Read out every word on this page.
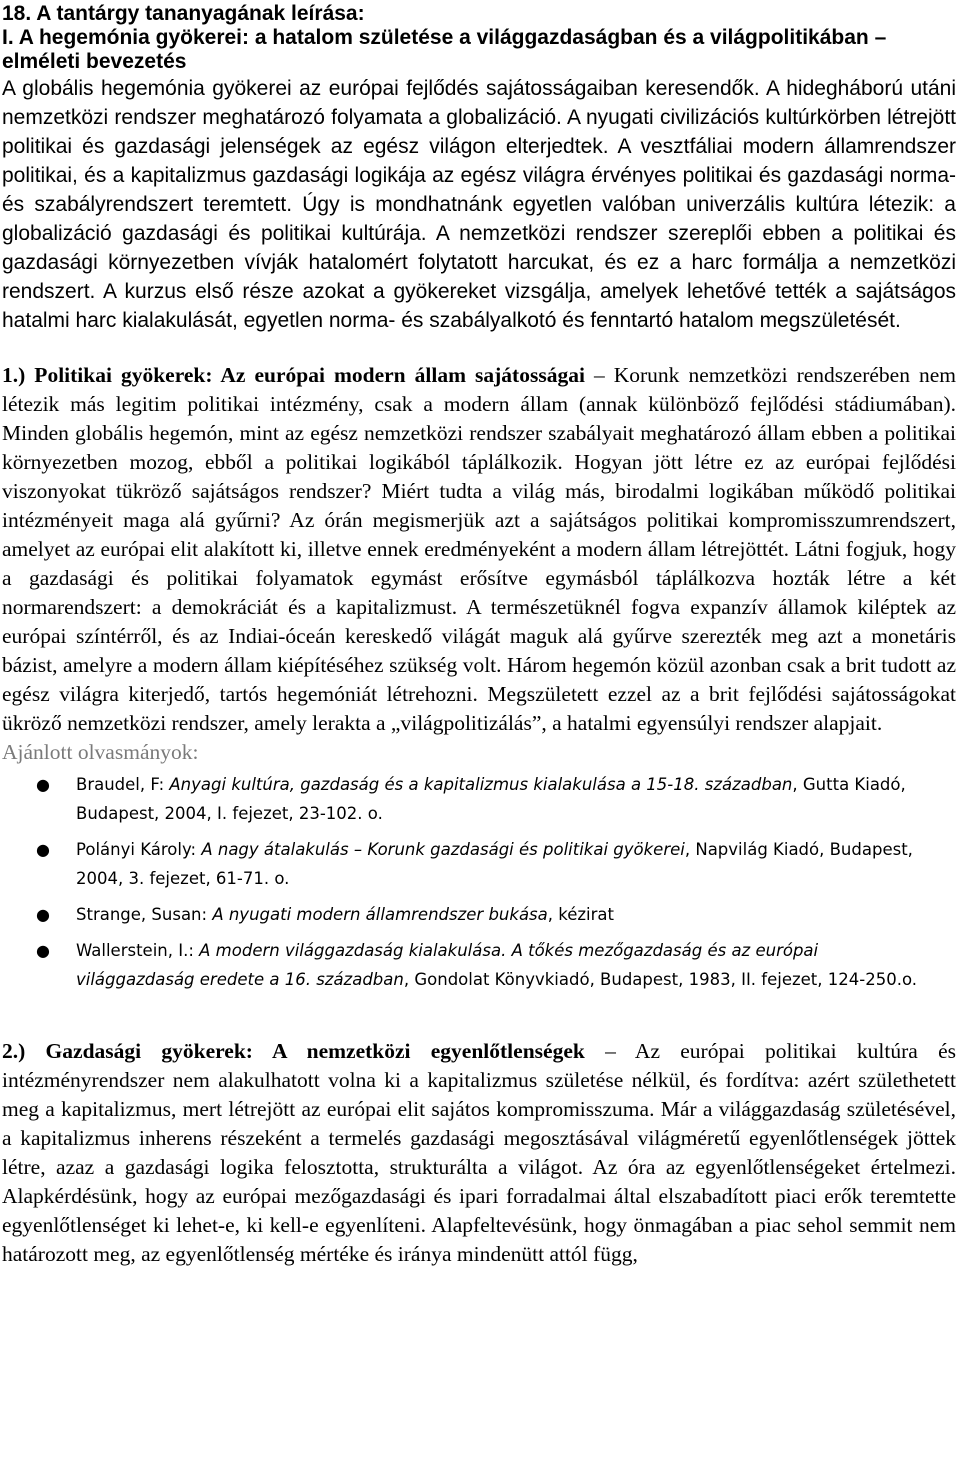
18. A tantárgy tananyagának leírása:
I. A hegemónia gyökerei: a hatalom születése a világgazdaságban és a világpolitikában – elméleti bevezetés
A globális hegemónia gyökerei az európai fejlődés sajátosságaiban keresendők. A hidegháború utáni nemzetközi rendszer meghatározó folyamata a globalizáció. A nyugati civilizációs kultúrkörben létrejött politikai és gazdasági jelenségek az egész világon elterjedtek. A vesztfáliai modern államrendszer politikai, és a kapitalizmus gazdasági logikája az egész világra érvényes politikai és gazdasági norma- és szabályrendszert teremtett. Úgy is mondhatnánk egyetlen valóban univerzális kultúra létezik: a globalizáció gazdasági és politikai kultúrája. A nemzetközi rendszer szereplői ebben a politikai és gazdasági környezetben vívják hatalomért folytatott harcukat, és ez a harc formálja a nemzetközi rendszert. A kurzus első része azokat a gyökereket vizsgálja, amelyek lehetővé tették a sajátságos hatalmi harc kialakulását, egyetlen norma- és szabályalkotó és fenntartó hatalom megszületését.
1.) Politikai gyökerek: Az európai modern állam sajátosságai – Korunk nemzetközi rendszerében nem létezik más legitim politikai intézmény, csak a modern állam (annak különböző fejlődési stádiumában). Minden globális hegemón, mint az egész nemzetközi rendszer szabályait meghatározó állam ebben a politikai környezetben mozog, ebből a politikai logikából táplálkozik. Hogyan jött létre ez az európai fejlődési viszonyokat tükröző sajátságos rendszer? Miért tudta a világ más, birodalmi logikában működő politikai intézményeit maga alá gyűrni? Az órán megismerjük azt a sajátságos politikai kompromisszumrendszert, amelyet az európai elit alakított ki, illetve ennek eredményeként a modern állam létrejöttét. Látni fogjuk, hogy a gazdasági és politikai folyamatok egymást erősítve egymásból táplálkozva hozták létre a két normarendszert: a demokráciát és a kapitalizmust. A természetüknél fogva expanzív államok kiléptek az európai színtérről, és az Indiai-óceán kereskedő világát maguk alá gyűrve szerezték meg azt a monetáris bázist, amelyre a modern állam kiépítéséhez szükség volt. Három hegemón közül azonban csak a brit tudott az egész világra kiterjedő, tartós hegemóniát létrehozni. Megszületett ezzel az a brit fejlődési sajátosságokat ükröző nemzetközi rendszer, amely lerakta a „világpolitizálás”, a hatalmi egyensúlyi rendszer alapjait.
Ajánlott olvasmányok:
● Braudel, F: Anyagi kultúra, gazdaság és a kapitalizmus kialakulása a 15-18. században, Gutta Kiadó, Budapest, 2004, I. fejezet, 23-102. o.
● Polányi Károly: A nagy átalakulás – Korunk gazdasági és politikai gyökerei, Napvilág Kiadó, Budapest, 2004, 3. fejezet, 61-71. o.
● Strange, Susan: A nyugati modern államrendszer bukása, kézirat
● Wallerstein, I.: A modern világgazdaság kialakulása. A tőkés mezőgazdaság és az európai világgazdaság eredete a 16. században, Gondolat Könyvkiadó, Budapest, 1983, II. fejezet, 124-250.o.
2.) Gazdasági gyökerek: A nemzetközi egyenlőtlenségek – Az európai politikai kultúra és intézményrendszer nem alakulhatott volna ki a kapitalizmus születése nélkül, és fordítva: azért születhetett meg a kapitalizmus, mert létrejött az európai elit sajátos kompromisszuma. Már a világgazdaság születésével, a kapitalizmus inherens részeként a termelés gazdasági megosztásával világméretű egyenlőtlenségek jöttek létre, azaz a gazdasági logika felosztotta, strukturálta a világot. Az óra az egyenlőtlenségeket értelmezi. Alapkérdésünk, hogy az európai mezőgazdasági és ipari forradalmai által elszabadított piaci erők teremtette egyenlőtlenséget ki lehet-e, ki kell-e egyenlíteni. Alapfeltevésünk, hogy önmagában a piac sehol semmit nem határozott meg, az egyenlőtlenség mértéke és iránya mindenütt attól függ,
